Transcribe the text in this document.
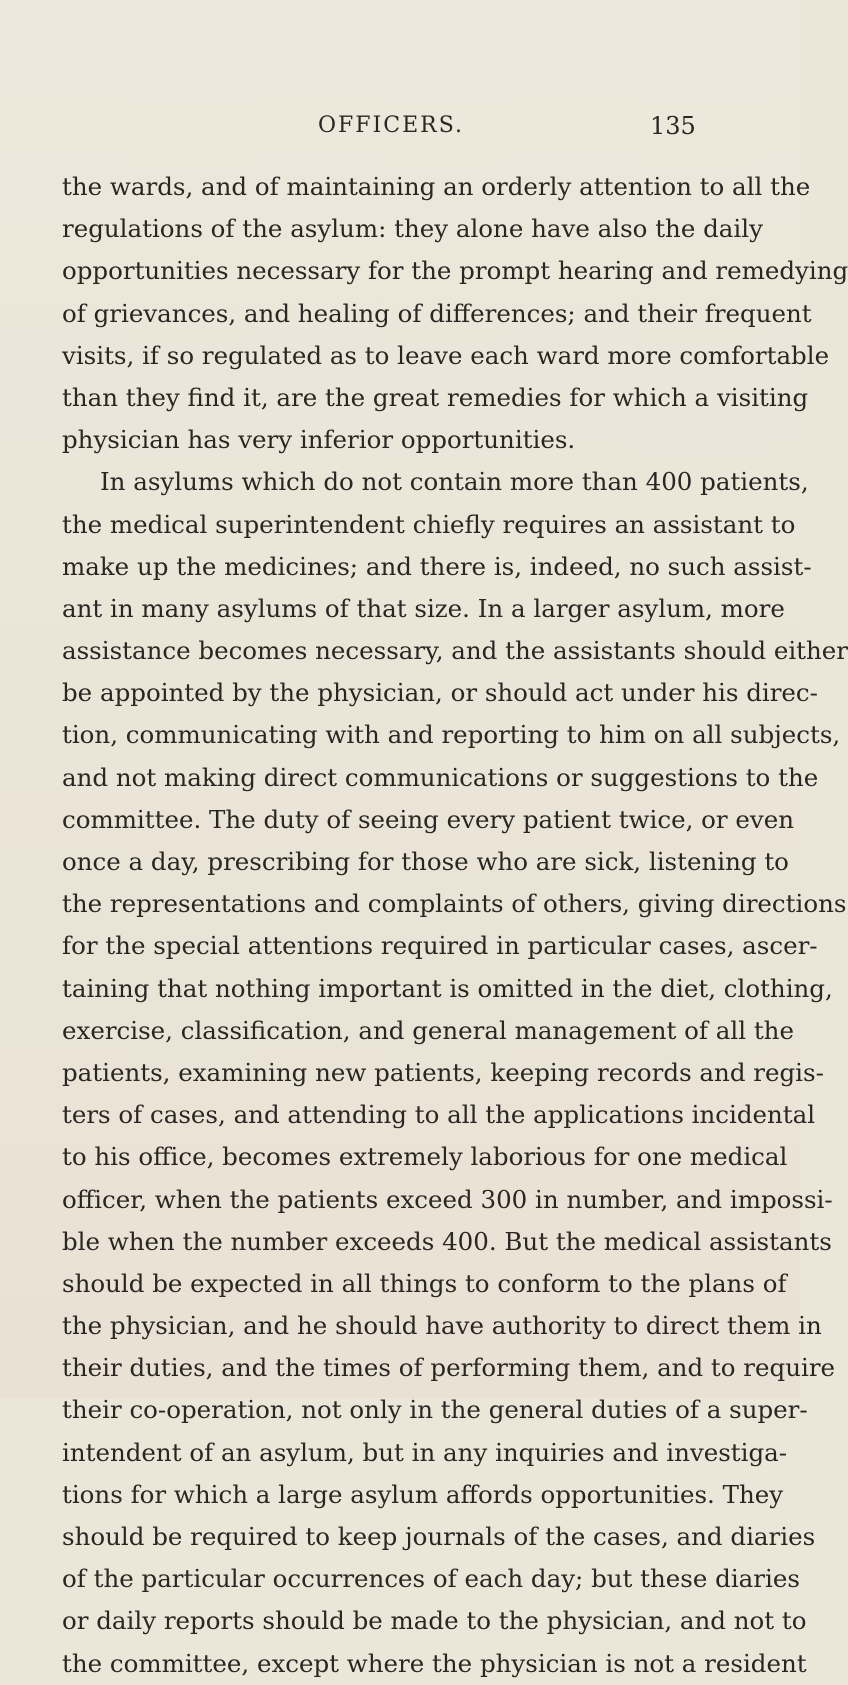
OFFICERS.	135
the wards, and of maintaining an orderly attention to all the
regulations of the asylum: they alone have also the daily
opportunities necessary for the prompt hearing and remedying
of grievances, and healing of differences; and their frequent
visits, if so regulated as to leave each ward more comfortable
than they find it, are the great remedies for which a visiting
physician has very inferior opportunities.
In asylums which do not contain more than 400 patients,
the medical superintendent chiefly requires an assistant to
make up the medicines; and there is, indeed, no such assist-
ant in many asylums of that size. In a larger asylum, more
assistance becomes necessary, and the assistants should either
be appointed by the physician, or should act under his direc-
tion, communicating with and reporting to him on all subjects,
and not making direct communications or suggestions to the
committee. The duty of seeing every patient twice, or even
once a day, prescribing for those who are sick, listening to
the representations and complaints of others, giving directions
for the special attentions required in particular cases, ascer-
taining that nothing important is omitted in the diet, clothing,
exercise, classification, and general management of all the
patients, examining new patients, keeping records and regis-
ters of cases, and attending to all the applications incidental
to his office, becomes extremely laborious for one medical
officer, when the patients exceed 300 in number, and impossi-
ble when the number exceeds 400. But the medical assistants
should be expected in all things to conform to the plans of
the physician, and he should have authority to direct them in
their duties, and the times of performing them, and to require
their co-operation, not only in the general duties of a super-
intendent of an asylum, but in any inquiries and investiga-
tions for which a large asylum affords opportunities. They
should be required to keep journals of the cases, and diaries
of the particular occurrences of each day; but these diaries
or daily reports should be made to the physician, and not to
the committee, except where the physician is not a resident
